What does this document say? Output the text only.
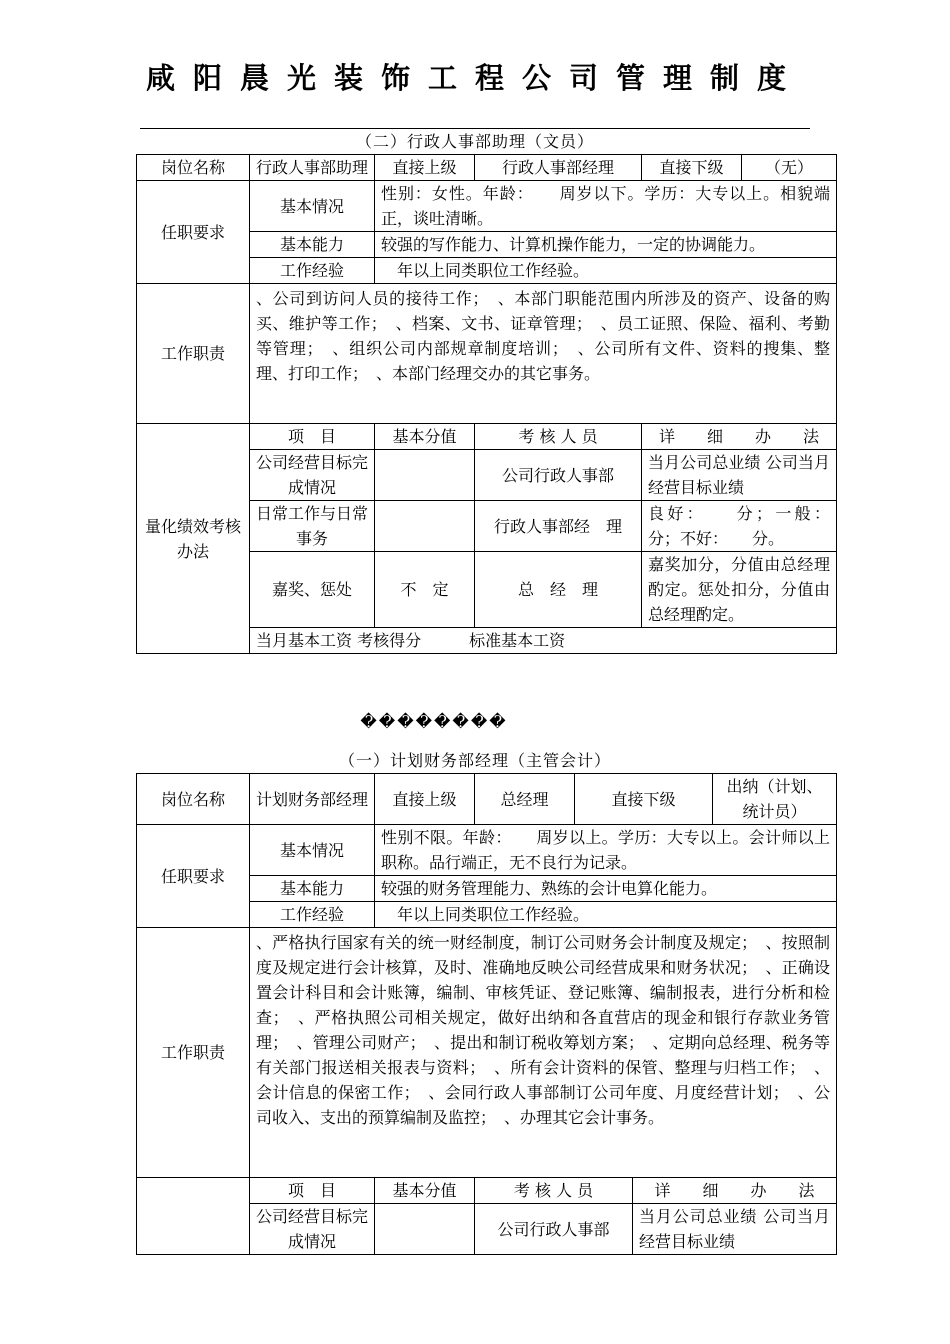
咸阳晨光装饰工程公司管理制度
（二）行政人事部助理（文员）
岗位名称	行政人事部助理	直接上级	行政人事部经理	直接下级	（无）
任职要求	基本情况	性别：女性。年龄：　　周岁以下。学历：大专以上。相貌端正，谈吐清晰。			
	基本能力	较强的写作能力、计算机操作能力，一定的协调能力。			
	工作经验	　年以上同类职位工作经验。			
工作职责	、公司到访问人员的接待工作；　、本部门职能范围内所涉及的资产、设备的购买、维护等工作；　、档案、文书、证章管理；　、员工证照、保险、福利、考勤等管理；　、组织公司内部规章制度培训；　、公司所有文件、资料的搜集、整理、打印工作；　、本部门经理交办的其它事务。				
量化绩效考核办法	项　目	基本分值	考 核 人 员	详　　细　　办　　法	
	公司经营目标完成情况		公司行政人事部	当月公司总业绩 公司当月经营目标业绩	
	日常工作与日常事务		行政人事部经　理	良好：　　分；一般：分；不好：　　分。	
	嘉奖、惩处	不　定	总　经　理	嘉奖加分，分值由总经理酌定。惩处扣分，分值由总经理酌定。	
	当月基本工资 考核得分　　　标准基本工资				
��������
（一）计划财务部经理（主管会计）
岗位名称	计划财务部经理	直接上级	总经理	直接下级		出纳（计划、统计员）
任职要求	基本情况	性别不限。年龄：　　周岁以上。学历：大专以上。会计师以上职称。品行端正，无不良行为记录。				
	基本能力	较强的财务管理能力、熟练的会计电算化能力。				
	工作经验	　年以上同类职位工作经验。				
工作职责	、严格执行国家有关的统一财经制度，制订公司财务会计制度及规定；　、按照制度及规定进行会计核算，及时、准确地反映公司经营成果和财务状况；　、正确设置会计科目和会计账簿，编制、审核凭证、登记账簿、编制报表，进行分析和检查；　、严格执照公司相关规定，做好出纳和各直营店的现金和银行存款业务管理；　、管理公司财产；　、提出和制订税收筹划方案；　、定期向总经理、税务等有关部门报送相关报表与资料；　、所有会计资料的保管、整理与归档工作；　、会计信息的保密工作；　、会同行政人事部制订公司年度、月度经营计划；　、公司收入、支出的预算编制及监控；　、办理其它会计事务。					
	项　目	基本分值	考 核 人 员		详　　细　　办　　法	
	公司经营目标完成情况		公司行政人事部		当月公司总业绩 公司当月经营目标业绩	
